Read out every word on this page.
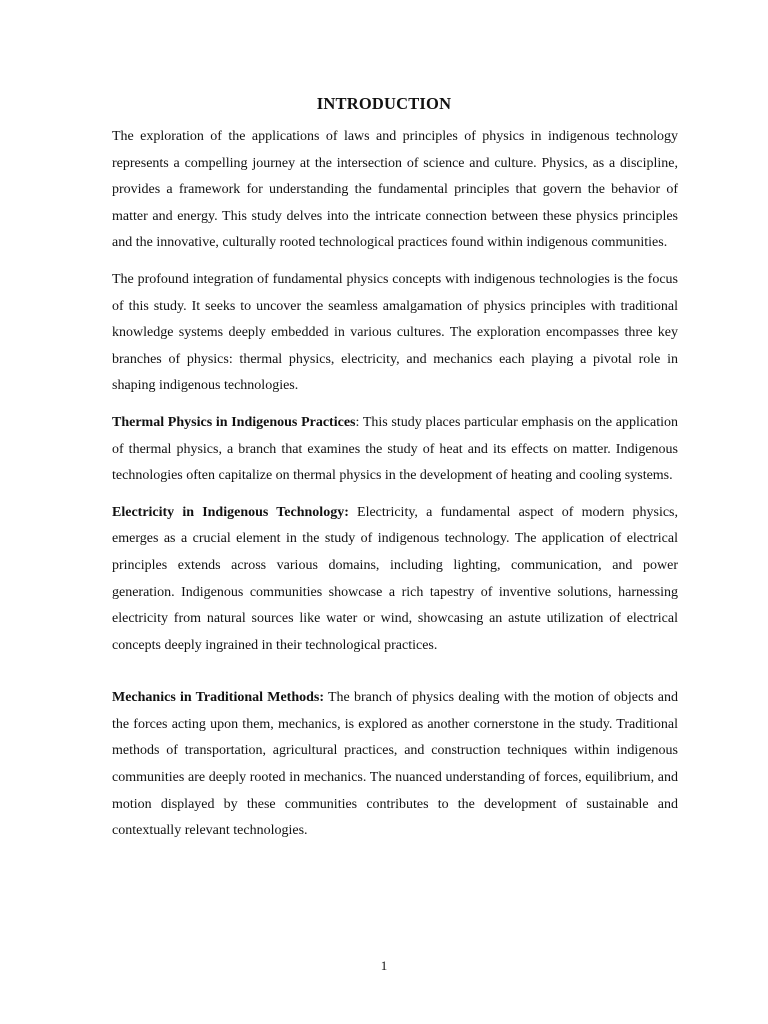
INTRODUCTION

The exploration of the applications of laws and principles of physics in indigenous technology represents a compelling journey at the intersection of science and culture. Physics, as a discipline, provides a framework for understanding the fundamental principles that govern the behavior of matter and energy. This study delves into the intricate connection between these physics principles and the innovative, culturally rooted technological practices found within indigenous communities.

The profound integration of fundamental physics concepts with indigenous technologies is the focus of this study. It seeks to uncover the seamless amalgamation of physics principles with traditional knowledge systems deeply embedded in various cultures. The exploration encompasses three key branches of physics: thermal physics, electricity, and mechanics each playing a pivotal role in shaping indigenous technologies.

Thermal Physics in Indigenous Practices: This study places particular emphasis on the application of thermal physics, a branch that examines the study of heat and its effects on matter. Indigenous technologies often capitalize on thermal physics in the development of heating and cooling systems.

Electricity in Indigenous Technology: Electricity, a fundamental aspect of modern physics, emerges as a crucial element in the study of indigenous technology. The application of electrical principles extends across various domains, including lighting, communication, and power generation. Indigenous communities showcase a rich tapestry of inventive solutions, harnessing electricity from natural sources like water or wind, showcasing an astute utilization of electrical concepts deeply ingrained in their technological practices.

Mechanics in Traditional Methods: The branch of physics dealing with the motion of objects and the forces acting upon them, mechanics, is explored as another cornerstone in the study. Traditional methods of transportation, agricultural practices, and construction techniques within indigenous communities are deeply rooted in mechanics. The nuanced understanding of forces, equilibrium, and motion displayed by these communities contributes to the development of sustainable and contextually relevant technologies.

1
